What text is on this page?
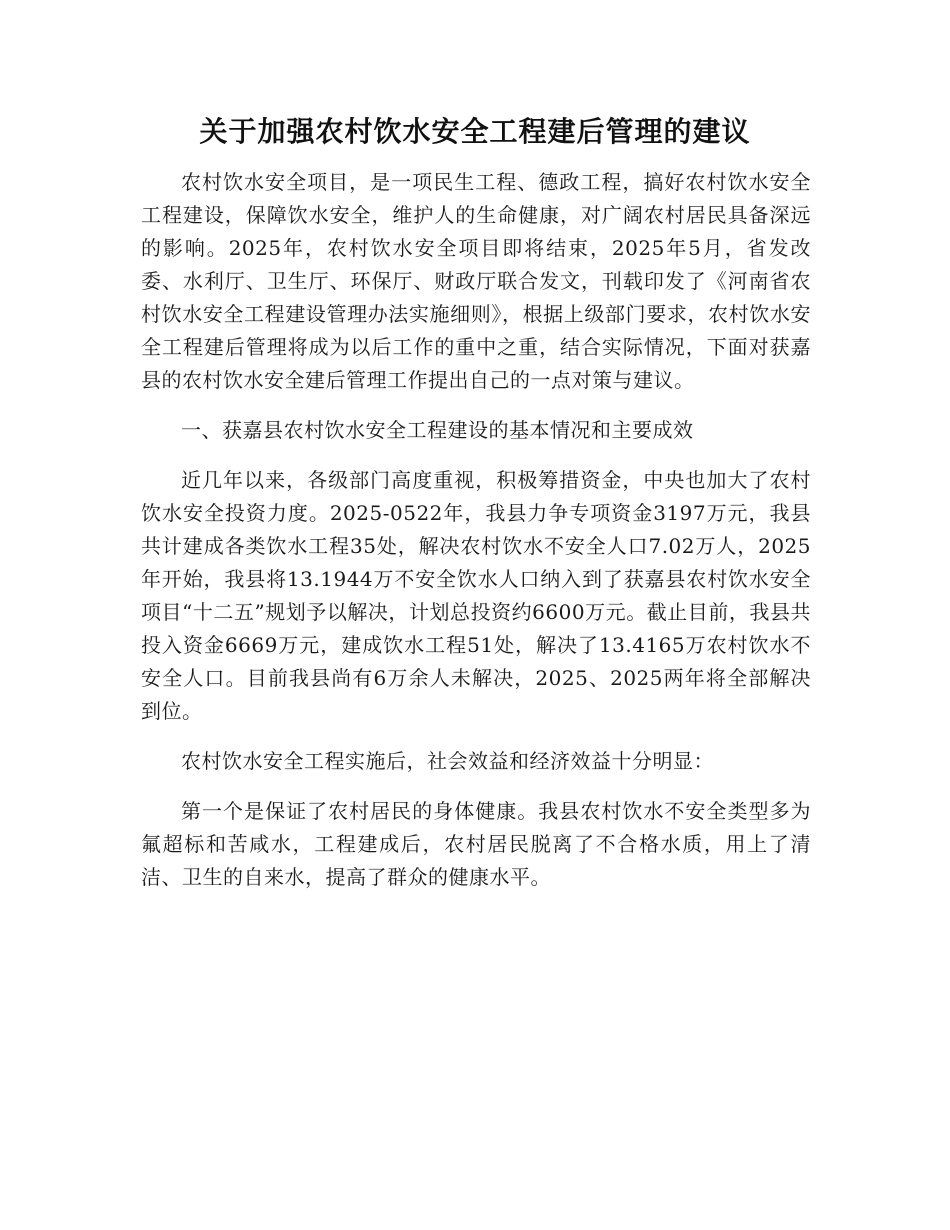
关于加强农村饮水安全工程建后管理的建议

农村饮水安全项目，是一项民生工程、德政工程，搞好农村饮水安全工程建设，保障饮水安全，维护人的生命健康，对广阔农村居民具备深远的影响。2025年，农村饮水安全项目即将结束，2025年5月，省发改委、水利厅、卫生厅、环保厅、财政厅联合发文，刊载印发了《河南省农村饮水安全工程建设管理办法实施细则》，根据上级部门要求，农村饮水安全工程建后管理将成为以后工作的重中之重，结合实际情况，下面对获嘉县的农村饮水安全建后管理工作提出自己的一点对策与建议。

一、获嘉县农村饮水安全工程建设的基本情况和主要成效

近几年以来，各级部门高度重视，积极筹措资金，中央也加大了农村饮水安全投资力度。2025-0522年，我县力争专项资金3197万元，我县共计建成各类饮水工程35处，解决农村饮水不安全人口7.02万人，2025年开始，我县将13.1944万不安全饮水人口纳入到了获嘉县农村饮水安全项目“十二五”规划予以解决，计划总投资约6600万元。截止目前，我县共投入资金6669万元，建成饮水工程51处，解决了13.4165万农村饮水不安全人口。目前我县尚有6万余人未解决，2025、2025两年将全部解决到位。

农村饮水安全工程实施后，社会效益和经济效益十分明显：

第一个是保证了农村居民的身体健康。我县农村饮水不安全类型多为氟超标和苦咸水，工程建成后，农村居民脱离了不合格水质，用上了清洁、卫生的自来水，提高了群众的健康水平。
